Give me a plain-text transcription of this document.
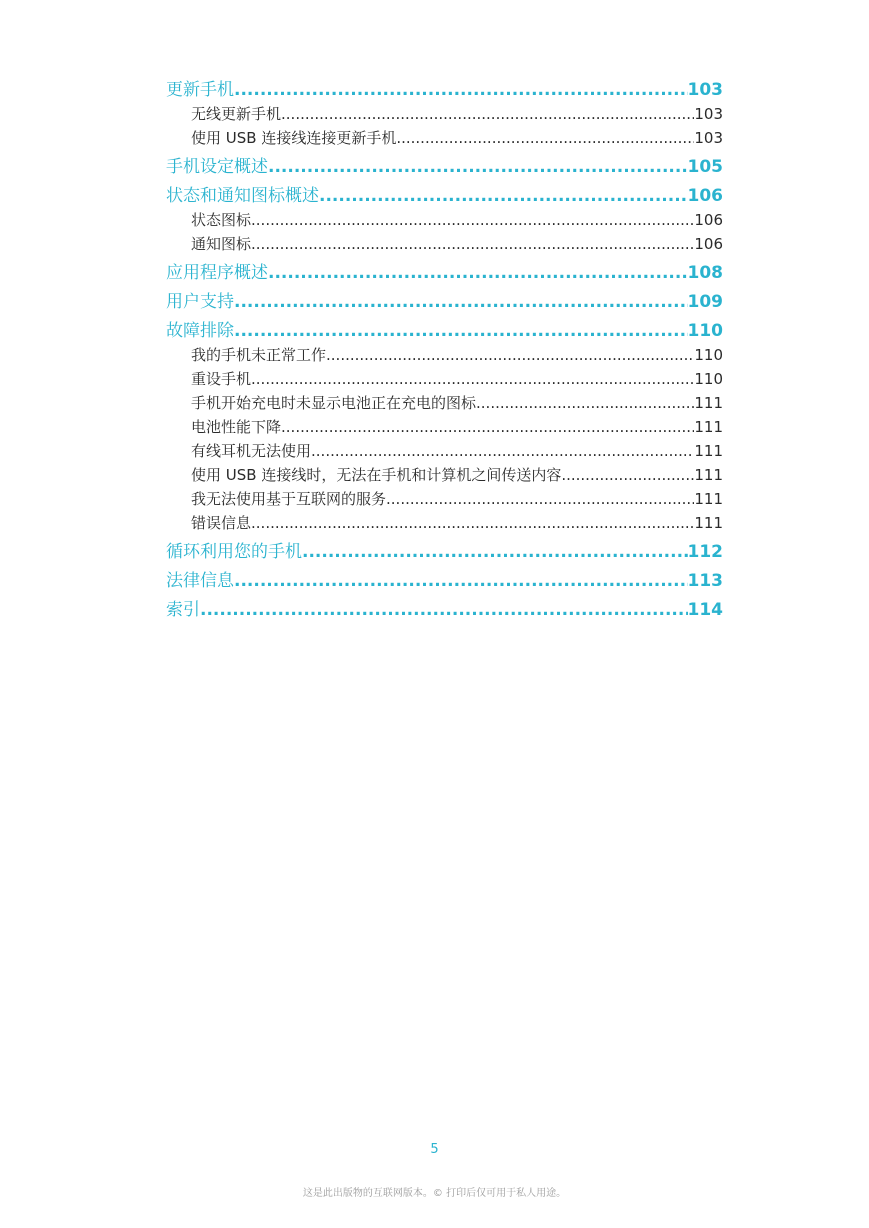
更新手机 .....	103
无线更新手机 .....	103
使用 USB 连接线连接更新手机 .....	103
手机设定概述 .....	105
状态和通知图标概述 .....	106
状态图标 .....	106
通知图标 .....	106
应用程序概述 .....	108
用户支持 .....	109
故障排除 .....	110
我的手机未正常工作 .....	110
重设手机 .....	110
手机开始充电时未显示电池正在充电的图标 .....	111
电池性能下降 .....	111
有线耳机无法使用 .....	111
使用 USB 连接线时，无法在手机和计算机之间传送内容 .....	111
我无法使用基于互联网的服务 .....	111
错误信息 .....	111
循环利用您的手机 .....	112
法律信息 .....	113
索引 .....	114
5
这是此出版物的互联网版本。© 打印后仅可用于私人用途。
